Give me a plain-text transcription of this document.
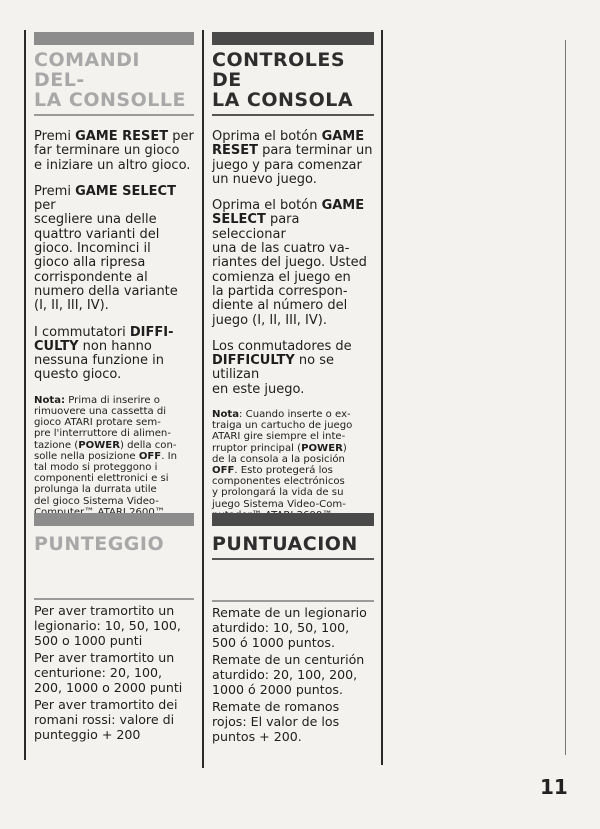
COMANDI DEL-
LA CONSOLLE

Premi GAME RESET per
far terminare un gioco
e iniziare un altro gioco.

Premi GAME SELECT per
scegliere una delle
quattro varianti del
gioco. Incominci il
gioco alla ripresa
corrispondente al
numero della variante
(I, II, III, IV).

I commutatori DIFFI-
CULTY non hanno
nessuna funzione in
questo gioco.

Nota: Prima di inserire o
rimuovere una cassetta di
gioco ATARI protare sem-
pre l'interruttore di alimen-
tazione (POWER) della con-
solle nella posizione OFF. In
tal modo si proteggono i
componenti elettronici e si
prolunga la durrata utile
del gioco Sistema Video-

PUNTEGGIO

Per aver tramortito un
legionario: 10, 50, 100,
500 o 1000 punti

Per aver tramortito un
centurione: 20, 100,
200, 1000 o 2000 punti

Per aver tramortito dei
romani rossi: valore di
punteggio + 200

CONTROLES DE
LA CONSOLA

Oprima el botón GAME
RESET para terminar un
juego y para comenzar
un nuevo juego.

Oprima el botón GAME
SELECT para seleccionar
una de las cuatro va-
riantes del juego. Usted
comienza el juego en
la partida correspon-
diente al número del
juego (I, II, III, IV).

Los conmutadores de
DIFFICULTY no se utilizan
en este juego.

Nota: Cuando inserte o ex-
traiga un cartucho de juego
ATARI gire siempre el inte-
rruptor principal (POWER)
de la consola a la posición
OFF. Esto protegerá los
componentes electrónicos
y prolongará la vida de su
juego Sistema Video-Com-

PUNTUACION

Remate de un legionario
aturdido: 10, 50, 100,
500 ó 1000 puntos.

Remate de un centurión
aturdido: 20, 100, 200,
1000 ó 2000 puntos.

Remate de romanos
rojos: El valor de los
puntos + 200.

11
